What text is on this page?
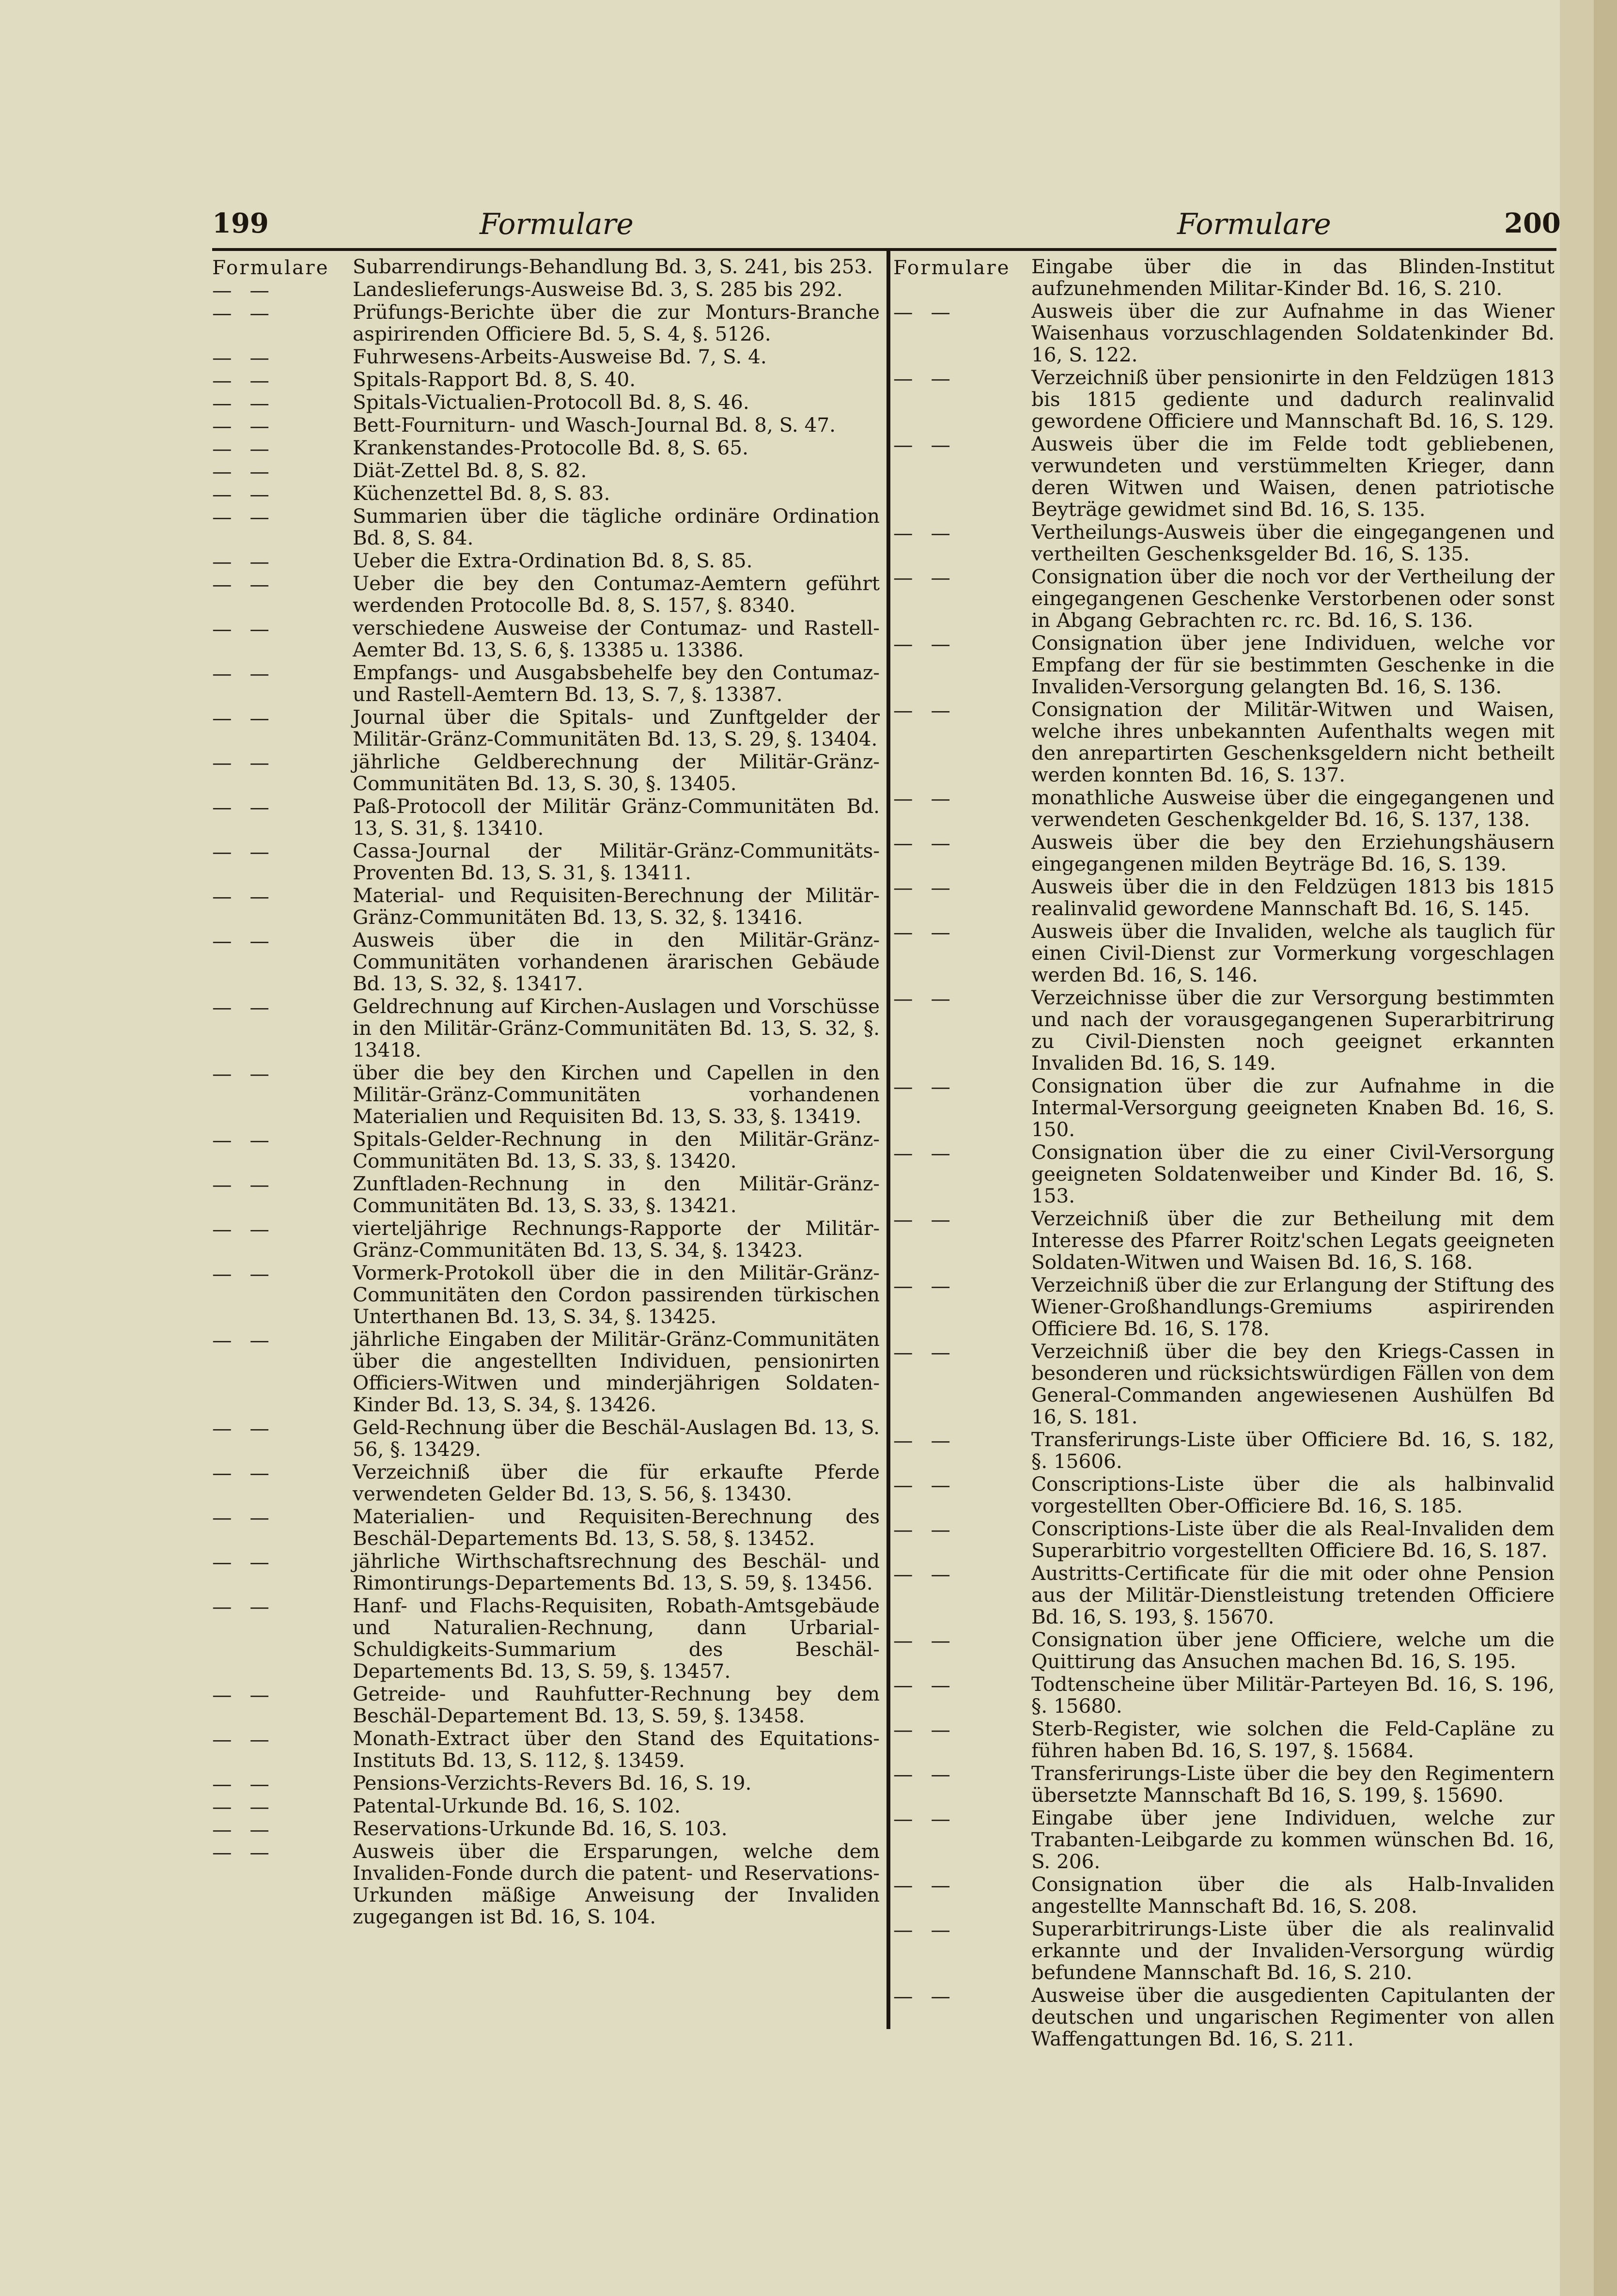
199	Formulare	Formulare	200
Formulare	Subarrendirungs-Behandlung Bd. 3, S. 241, bis 253.
— —	Landeslieferungs-Ausweise Bd. 3, S. 285 bis 292.
— —	Prüfungs-Berichte über die zur Monturs-Branche aspirirenden Officiere Bd. 5, S. 4, §. 5126.
— —	Fuhrwesens-Arbeits-Ausweise Bd. 7, S. 4.
— —	Spitals-Rapport Bd. 8, S. 40.
— —	Spitals-Victualien-Protocoll Bd. 8, S. 46.
— —	Bett-Fourniturn- und Wasch-Journal Bd. 8, S. 47.
— —	Krankenstandes-Protocolle Bd. 8, S. 65.
— —	Diät-Zettel Bd. 8, S. 82.
— —	Küchenzettel Bd. 8, S. 83.
— —	Summarien über die tägliche ordinäre Ordination Bd. 8, S. 84.
— —	Ueber die Extra-Ordination Bd. 8, S. 85.
— —	Ueber die bey den Contumaz-Aemtern geführt werdenden Protocolle Bd. 8, S. 157, §. 8340.
— —	verschiedene Ausweise der Contumaz- und Rastell-Aemter Bd. 13, S. 6, §. 13385 u. 13386.
— —	Empfangs- und Ausgabsbehelfe bey den Contumaz- und Rastell-Aemtern Bd. 13, S. 7, §. 13387.
— —	Journal über die Spitals- und Zunftgelder der Militär-Gränz-Communitäten Bd. 13, S. 29, §. 13404.
— —	jährliche Geldberechnung der Militär-Gränz-Communitäten Bd. 13, S. 30, §. 13405.
— —	Paß-Protocoll der Militär Gränz-Communitäten Bd. 13, S. 31, §. 13410.
— —	Cassa-Journal der Militär-Gränz-Communitäts-Proventen Bd. 13, S. 31, §. 13411.
— —	Material- und Requisiten-Berechnung der Militär-Gränz-Communitäten Bd. 13, S. 32, §. 13416.
— —	Ausweis über die in den Militär-Gränz-Communitäten vorhandenen ärarischen Gebäude Bd. 13, S. 32, §. 13417.
— —	Geldrechnung auf Kirchen-Auslagen und Vorschüsse in den Militär-Gränz-Communitäten Bd. 13, S. 32, §. 13418.
— —	über die bey den Kirchen und Capellen in den Militär-Gränz-Communitäten vorhandenen Materialien und Requisiten Bd. 13, S. 33, §. 13419.
— —	Spitals-Gelder-Rechnung in den Militär-Gränz-Communitäten Bd. 13, S. 33, §. 13420.
— —	Zunftladen-Rechnung in den Militär-Gränz-Communitäten Bd. 13, S. 33, §. 13421.
— —	vierteljährige Rechnungs-Rapporte der Militär-Gränz-Communitäten Bd. 13, S. 34, §. 13423.
— —	Vormerk-Protokoll über die in den Militär-Gränz-Communitäten den Cordon passirenden türkischen Unterthanen Bd. 13, S. 34, §. 13425.
— —	jährliche Eingaben der Militär-Gränz-Communitäten über die angestellten Individuen, pensionirten Officiers-Witwen und minderjährigen Soldaten-Kinder Bd. 13, S. 34, §. 13426.
— —	Geld-Rechnung über die Beschäl-Auslagen Bd. 13, S. 56, §. 13429.
— —	Verzeichniß über die für erkaufte Pferde verwendeten Gelder Bd. 13, S. 56, §. 13430.
— —	Materialien- und Requisiten-Berechnung des Beschäl-Departements Bd. 13, S. 58, §. 13452.
— —	jährliche Wirthschaftsrechnung des Beschäl- und Rimontirungs-Departements Bd. 13, S. 59, §. 13456.
— —	Hanf- und Flachs-Requisiten, Robath-Amtsgebäude und Naturalien-Rechnung, dann Urbarial-Schuldigkeits-Summarium des Beschäl-Departements Bd. 13, S. 59, §. 13457.
— —	Getreide- und Rauhfutter-Rechnung bey dem Beschäl-Departement Bd. 13, S. 59, §. 13458.
— —	Monath-Extract über den Stand des Equitations-Instituts Bd. 13, S. 112, §. 13459.
— —	Pensions-Verzichts-Revers Bd. 16, S. 19.
— —	Patental-Urkunde Bd. 16, S. 102.
— —	Reservations-Urkunde Bd. 16, S. 103.
— —	Ausweis über die Ersparungen, welche dem Invaliden-Fonde durch die patent- und Reservations-Urkunden mäßige Anweisung der Invaliden zugegangen ist Bd. 16, S. 104.
Formulare	Eingabe über die in das Blinden-Institut aufzunehmenden Militar-Kinder Bd. 16, S. 210.
— —	Ausweis über die zur Aufnahme in das Wiener Waisenhaus vorzuschlagenden Soldatenkinder Bd. 16, S. 122.
— —	Verzeichniß über pensionirte in den Feldzügen 1813 bis 1815 gediente und dadurch realinvalid gewordene Officiere und Mannschaft Bd. 16, S. 129.
— —	Ausweis über die im Felde todt gebliebenen, verwundeten und verstümmelten Krieger, dann deren Witwen und Waisen, denen patriotische Beyträge gewidmet sind Bd. 16, S. 135.
— —	Vertheilungs-Ausweis über die eingegangenen und vertheilten Geschenksgelder Bd. 16, S. 135.
— —	Consignation über die noch vor der Vertheilung der eingegangenen Geschenke Verstorbenen oder sonst in Abgang Gebrachten rc. rc. Bd. 16, S. 136.
— —	Consignation über jene Individuen, welche vor Empfang der für sie bestimmten Geschenke in die Invaliden-Versorgung gelangten Bd. 16, S. 136.
— —	Consignation der Militär-Witwen und Waisen, welche ihres unbekannten Aufenthalts wegen mit den anrepartirten Geschenksgeldern nicht betheilt werden konnten Bd. 16, S. 137.
— —	monathliche Ausweise über die eingegangenen und verwendeten Geschenkgelder Bd. 16, S. 137, 138.
— —	Ausweis über die bey den Erziehungshäusern eingegangenen milden Beyträge Bd. 16, S. 139.
— —	Ausweis über die in den Feldzügen 1813 bis 1815 realinvalid gewordene Mannschaft Bd. 16, S. 145.
— —	Ausweis über die Invaliden, welche als tauglich für einen Civil-Dienst zur Vormerkung vorgeschlagen werden Bd. 16, S. 146.
— —	Verzeichnisse über die zur Versorgung bestimmten und nach der vorausgegangenen Superarbitrirung zu Civil-Diensten noch geeignet erkannten Invaliden Bd. 16, S. 149.
— —	Consignation über die zur Aufnahme in die Intermal-Versorgung geeigneten Knaben Bd. 16, S. 150.
— —	Consignation über die zu einer Civil-Versorgung geeigneten Soldatenweiber und Kinder Bd. 16, S. 153.
— —	Verzeichniß über die zur Betheilung mit dem Interesse des Pfarrer Roitz'schen Legats geeigneten Soldaten-Witwen und Waisen Bd. 16, S. 168.
— —	Verzeichniß über die zur Erlangung der Stiftung des Wiener-Großhandlungs-Gremiums aspirirenden Officiere Bd. 16, S. 178.
— —	Verzeichniß über die bey den Kriegs-Cassen in besonderen und rücksichtswürdigen Fällen von dem General-Commanden angewiesenen Aushülfen Bd 16, S. 181.
— —	Transferirungs-Liste über Officiere Bd. 16, S. 182, §. 15606.
— —	Conscriptions-Liste über die als halbinvalid vorgestellten Ober-Officiere Bd. 16, S. 185.
— —	Conscriptions-Liste über die als Real-Invaliden dem Superarbitrio vorgestellten Officiere Bd. 16, S. 187.
— —	Austritts-Certificate für die mit oder ohne Pension aus der Militär-Dienstleistung tretenden Officiere Bd. 16, S. 193, §. 15670.
— —	Consignation über jene Officiere, welche um die Quittirung das Ansuchen machen Bd. 16, S. 195.
— —	Todtenscheine über Militär-Parteyen Bd. 16, S. 196, §. 15680.
— —	Sterb-Register, wie solchen die Feld-Capläne zu führen haben Bd. 16, S. 197, §. 15684.
— —	Transferirungs-Liste über die bey den Regimentern übersetzte Mannschaft Bd 16, S. 199, §. 15690.
— —	Eingabe über jene Individuen, welche zur Trabanten-Leibgarde zu kommen wünschen Bd. 16, S. 206.
— —	Consignation über die als Halb-Invaliden angestellte Mannschaft Bd. 16, S. 208.
— —	Superarbitrirungs-Liste über die als realinvalid erkannte und der Invaliden-Versorgung würdig befundene Mannschaft Bd. 16, S. 210.
— —	Ausweise über die ausgedienten Capitulanten der deutschen und ungarischen Regimenter von allen Waffengattungen Bd. 16, S. 211.
